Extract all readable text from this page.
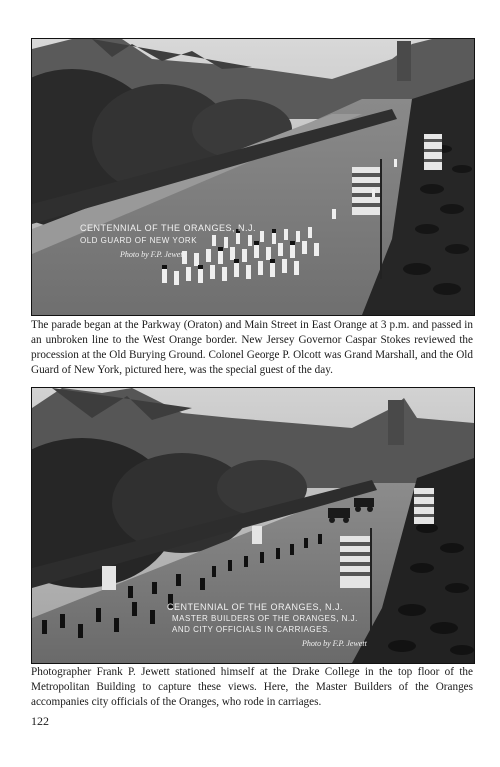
CENTENNIAL OF THE ORANGES, N.J.
OLD GUARD OF NEW YORK
Photo by F.P. Jewett

The parade began at the Parkway (Oraton) and Main Street in East Orange at 3 p.m. and passed in an unbroken line to the West Orange border. New Jersey Governor Caspar Stokes reviewed the procession at the Old Burying Ground. Colonel George P. Olcott was Grand Marshall, and the Old Guard of New York, pictured here, was the special guest of the day.

CENTENNIAL OF THE ORANGES, N.J.
MASTER BUILDERS OF THE ORANGES, N.J.
AND CITY OFFICIALS IN CARRIAGES.
Photo by F.P. Jewett

Photographer Frank P. Jewett stationed himself at the Drake College in the top floor of the Metropolitan Building to capture these views. Here, the Master Builders of the Oranges accompanies city officials of the Oranges, who rode in carriages.

122
